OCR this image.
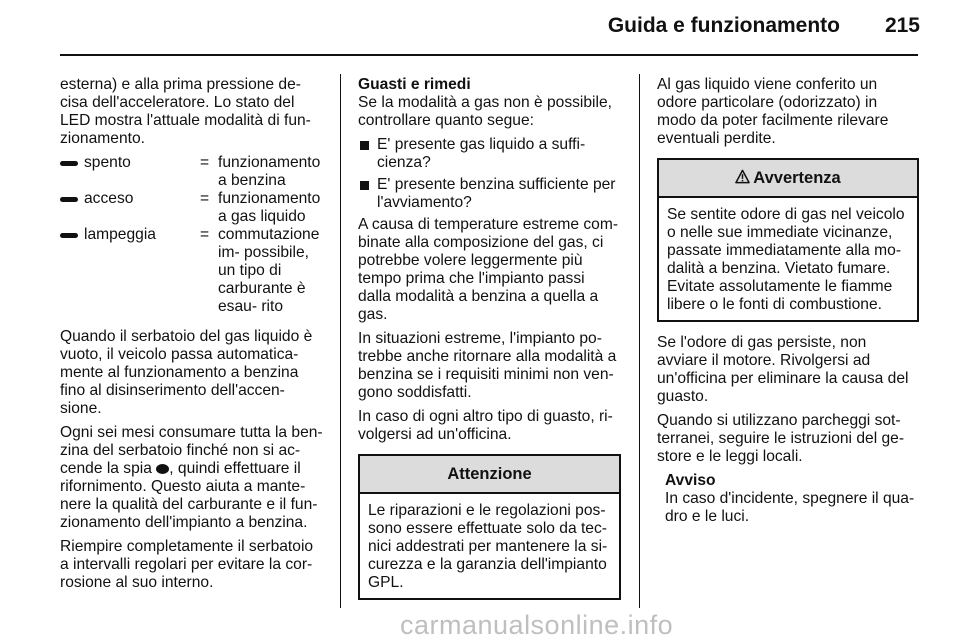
Guida e funzionamento 215

esterna) e alla prima pressione de- cisa dell'acceleratore. Lo stato del LED mostra l'attuale modalità di fun- zionamento.

spento	= funzionamento a benzina
acceso	= funzionamento a gas liquido
lampeggia	= commutazione im- possibile, un tipo di carburante è esau- rito

Quando il serbatoio del gas liquido è vuoto, il veicolo passa automatica- mente al funzionamento a benzina fino al disinserimento dell'accen- sione.

Ogni sei mesi consumare tutta la ben- zina del serbatoio finché non si ac- cende la spia , quindi effettuare il rifornimento. Questo aiuta a mante- nere la qualità del carburante e il fun- zionamento dell'impianto a benzina.

Riempire completamente il serbatoio a intervalli regolari per evitare la cor- rosione al suo interno.

Guasti e rimedi

Se la modalità a gas non è possibile, controllare quanto segue:

E' presente gas liquido a suffi- cienza?
E' presente benzina sufficiente per l'avviamento?

A causa di temperature estreme com- binate alla composizione del gas, ci potrebbe volere leggermente più tempo prima che l'impianto passi dalla modalità a benzina a quella a gas.

In situazioni estreme, l'impianto po- trebbe anche ritornare alla modalità a benzina se i requisiti minimi non ven- gono soddisfatti.

In caso di ogni altro tipo di guasto, ri- volgersi ad un'officina.

Attenzione
Le riparazioni e le regolazioni pos- sono essere effettuate solo da tec- nici addestrati per mantenere la si- curezza e la garanzia dell'impianto GPL.

Al gas liquido viene conferito un odore particolare (odorizzato) in modo da poter facilmente rilevare eventuali perdite.

Avvertenza
Se sentite odore di gas nel veicolo o nelle sue immediate vicinanze, passate immediatamente alla mo- dalità a benzina. Vietato fumare. Evitate assolutamente le fiamme libere o le fonti di combustione.

Se l'odore di gas persiste, non avviare il motore. Rivolgersi ad un'officina per eliminare la causa del guasto.

Quando si utilizzano parcheggi sot- terranei, seguire le istruzioni del ge- store e le leggi locali.

Avviso
In caso d'incidente, spegnere il qua- dro e le luci.
carmanualsonline.info
